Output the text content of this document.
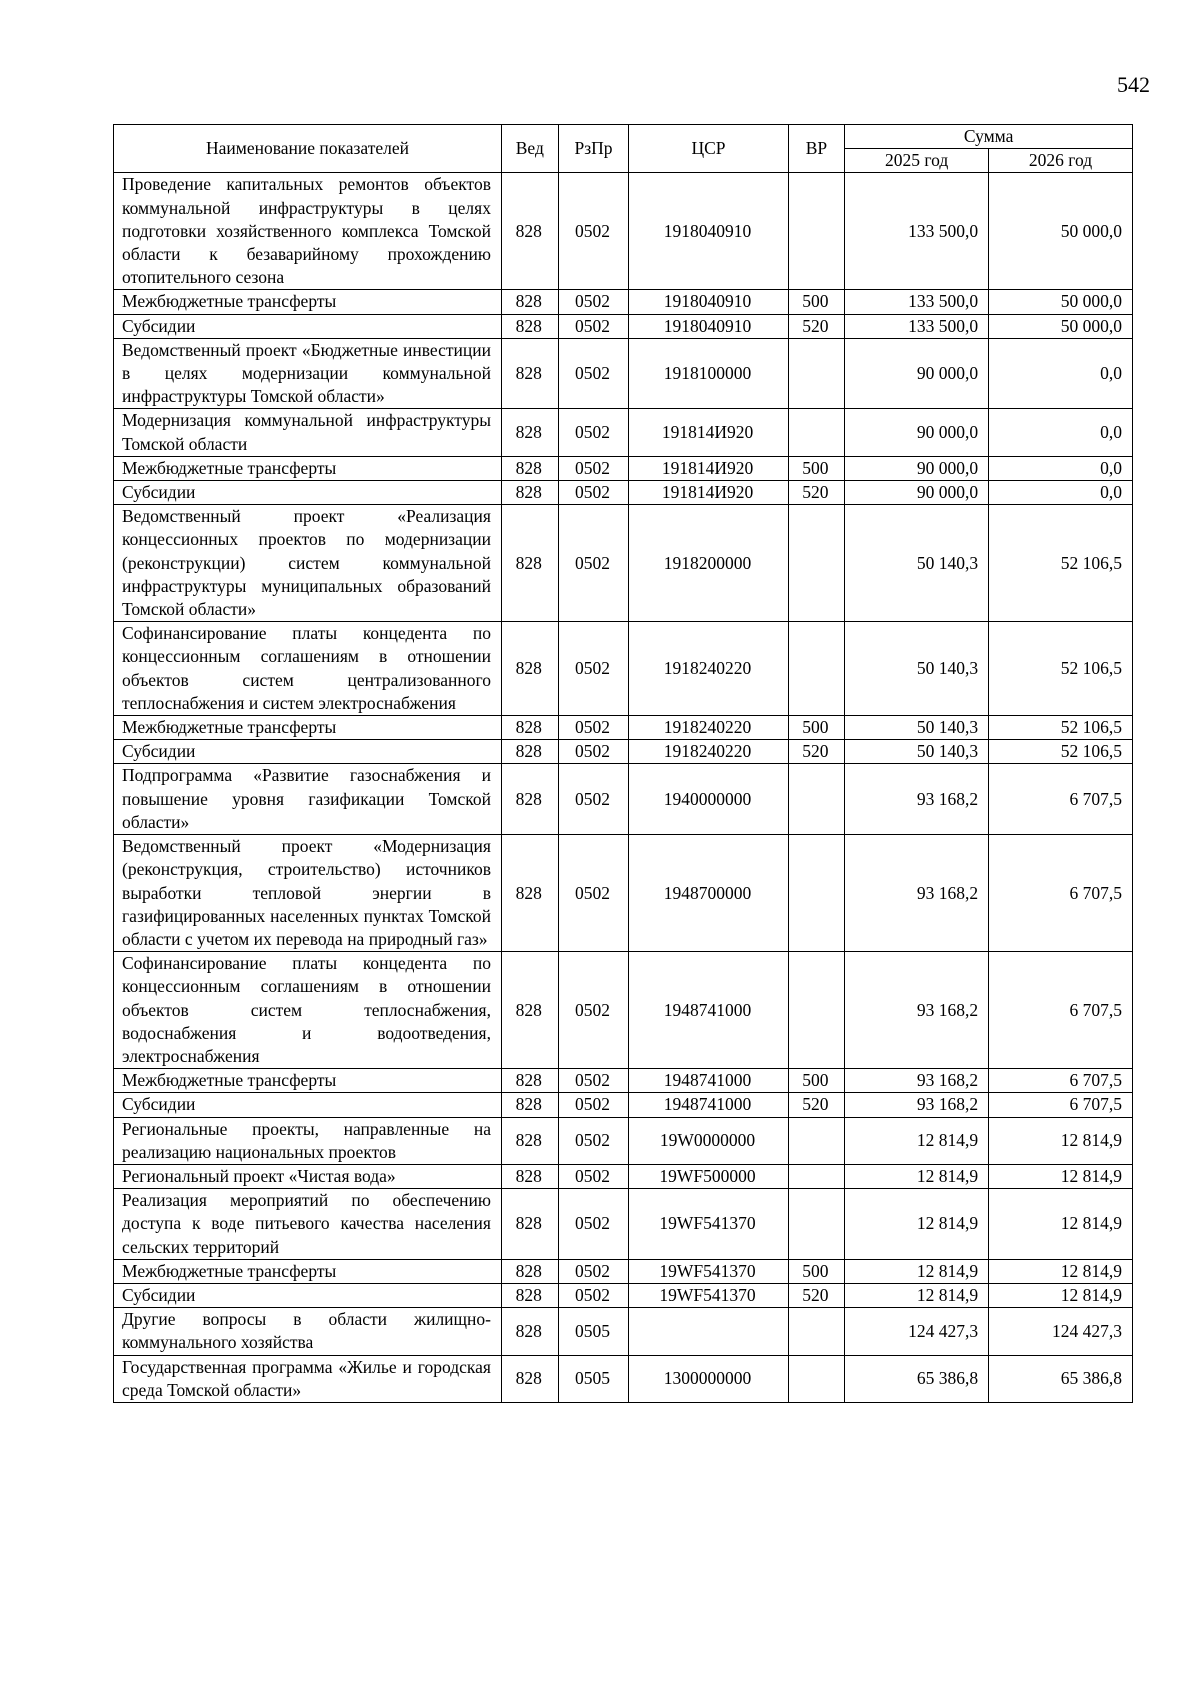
542
Наименование показателей	Вед	РзПр	ЦСР	ВР	Сумма	
					2025 год	2026 год
Проведение капитальных ремонтов объектов коммунальной инфраструктуры в целях подготовки хозяйственного комплекса Томской области к безаварийному прохождению отопительного сезона	828	0502	1918040910		133 500,0	50 000,0
Межбюджетные трансферты	828	0502	1918040910	500	133 500,0	50 000,0
Субсидии	828	0502	1918040910	520	133 500,0	50 000,0
Ведомственный проект «Бюджетные инвестиции в целях модернизации коммунальной инфраструктуры Томской области»	828	0502	1918100000		90 000,0	0,0
Модернизация коммунальной инфраструктуры Томской области	828	0502	191814И920		90 000,0	0,0
Межбюджетные трансферты	828	0502	191814И920	500	90 000,0	0,0
Субсидии	828	0502	191814И920	520	90 000,0	0,0
Ведомственный проект «Реализация концессионных проектов по модернизации (реконструкции) систем коммунальной инфраструктуры муниципальных образований Томской области»	828	0502	1918200000		50 140,3	52 106,5
Софинансирование платы концедента по концессионным соглашениям в отношении объектов систем централизованного теплоснабжения и систем электроснабжения	828	0502	1918240220		50 140,3	52 106,5
Межбюджетные трансферты	828	0502	1918240220	500	50 140,3	52 106,5
Субсидии	828	0502	1918240220	520	50 140,3	52 106,5
Подпрограмма «Развитие газоснабжения и повышение уровня газификации Томской области»	828	0502	1940000000		93 168,2	6 707,5
Ведомственный проект «Модернизация (реконструкция, строительство) источников выработки тепловой энергии в газифицированных населенных пунктах Томской области с учетом их перевода на природный газ»	828	0502	1948700000		93 168,2	6 707,5
Софинансирование платы концедента по концессионным соглашениям в отношении объектов систем теплоснабжения, водоснабжения и водоотведения, электроснабжения	828	0502	1948741000		93 168,2	6 707,5
Межбюджетные трансферты	828	0502	1948741000	500	93 168,2	6 707,5
Субсидии	828	0502	1948741000	520	93 168,2	6 707,5
Региональные проекты, направленные на реализацию национальных проектов	828	0502	19W0000000		12 814,9	12 814,9
Региональный проект «Чистая вода»	828	0502	19WF500000		12 814,9	12 814,9
Реализация мероприятий по обеспечению доступа к воде питьевого качества населения сельских территорий	828	0502	19WF541370		12 814,9	12 814,9
Межбюджетные трансферты	828	0502	19WF541370	500	12 814,9	12 814,9
Субсидии	828	0502	19WF541370	520	12 814,9	12 814,9
Другие вопросы в области жилищно-коммунального хозяйства	828	0505			124 427,3	124 427,3
Государственная программа «Жилье и городская среда Томской области»	828	0505	1300000000		65 386,8	65 386,8
